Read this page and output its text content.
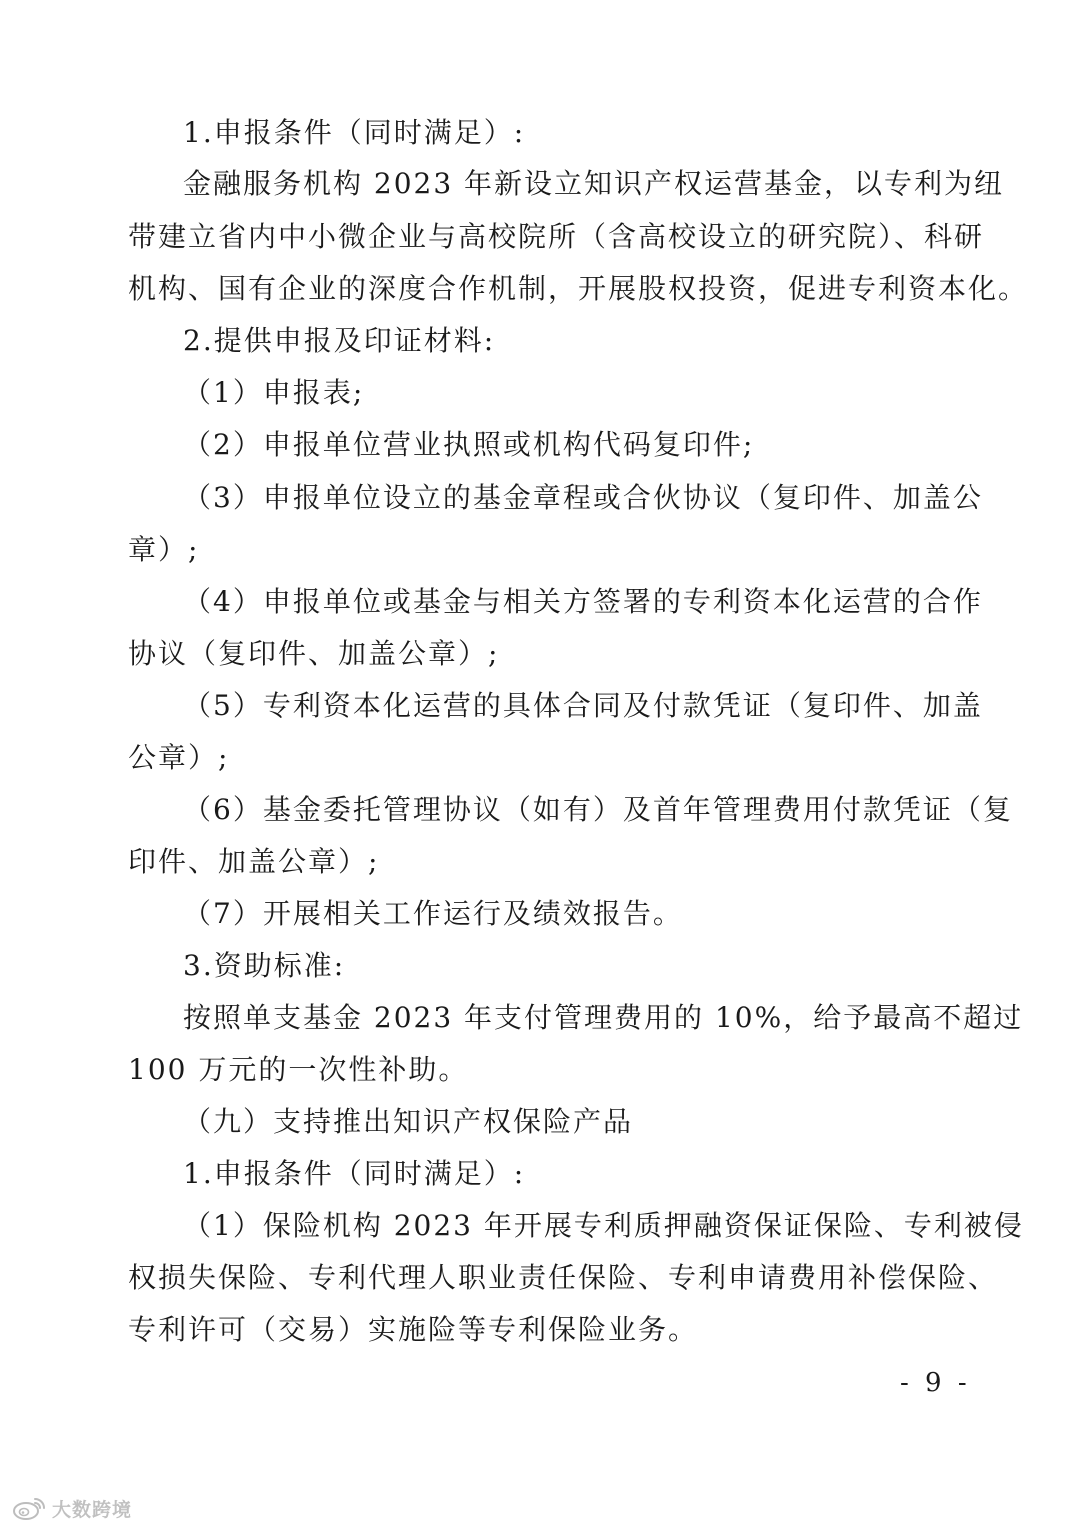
1.申报条件（同时满足）:
金融服务机构 2023 年新设立知识产权运营基金，以专利为纽
带建立省内中小微企业与高校院所（含高校设立的研究院）、科研
机构、国有企业的深度合作机制，开展股权投资，促进专利资本化。
2.提供申报及印证材料:
（1）申报表;
（2）申报单位营业执照或机构代码复印件;
（3）申报单位设立的基金章程或合伙协议（复印件、加盖公
章）;
（4）申报单位或基金与相关方签署的专利资本化运营的合作
协议（复印件、加盖公章）;
（5）专利资本化运营的具体合同及付款凭证（复印件、加盖
公章）;
（6）基金委托管理协议（如有）及首年管理费用付款凭证（复
印件、加盖公章）;
（7）开展相关工作运行及绩效报告。
3.资助标准:
按照单支基金 2023 年支付管理费用的 10%，给予最高不超过
100 万元的一次性补助。
（九）支持推出知识产权保险产品
1.申报条件（同时满足）:
（1）保险机构 2023 年开展专利质押融资保证保险、专利被侵
权损失保险、专利代理人职业责任保险、专利申请费用补偿保险、
专利许可（交易）实施险等专利保险业务。
- 9 -
大数跨境
